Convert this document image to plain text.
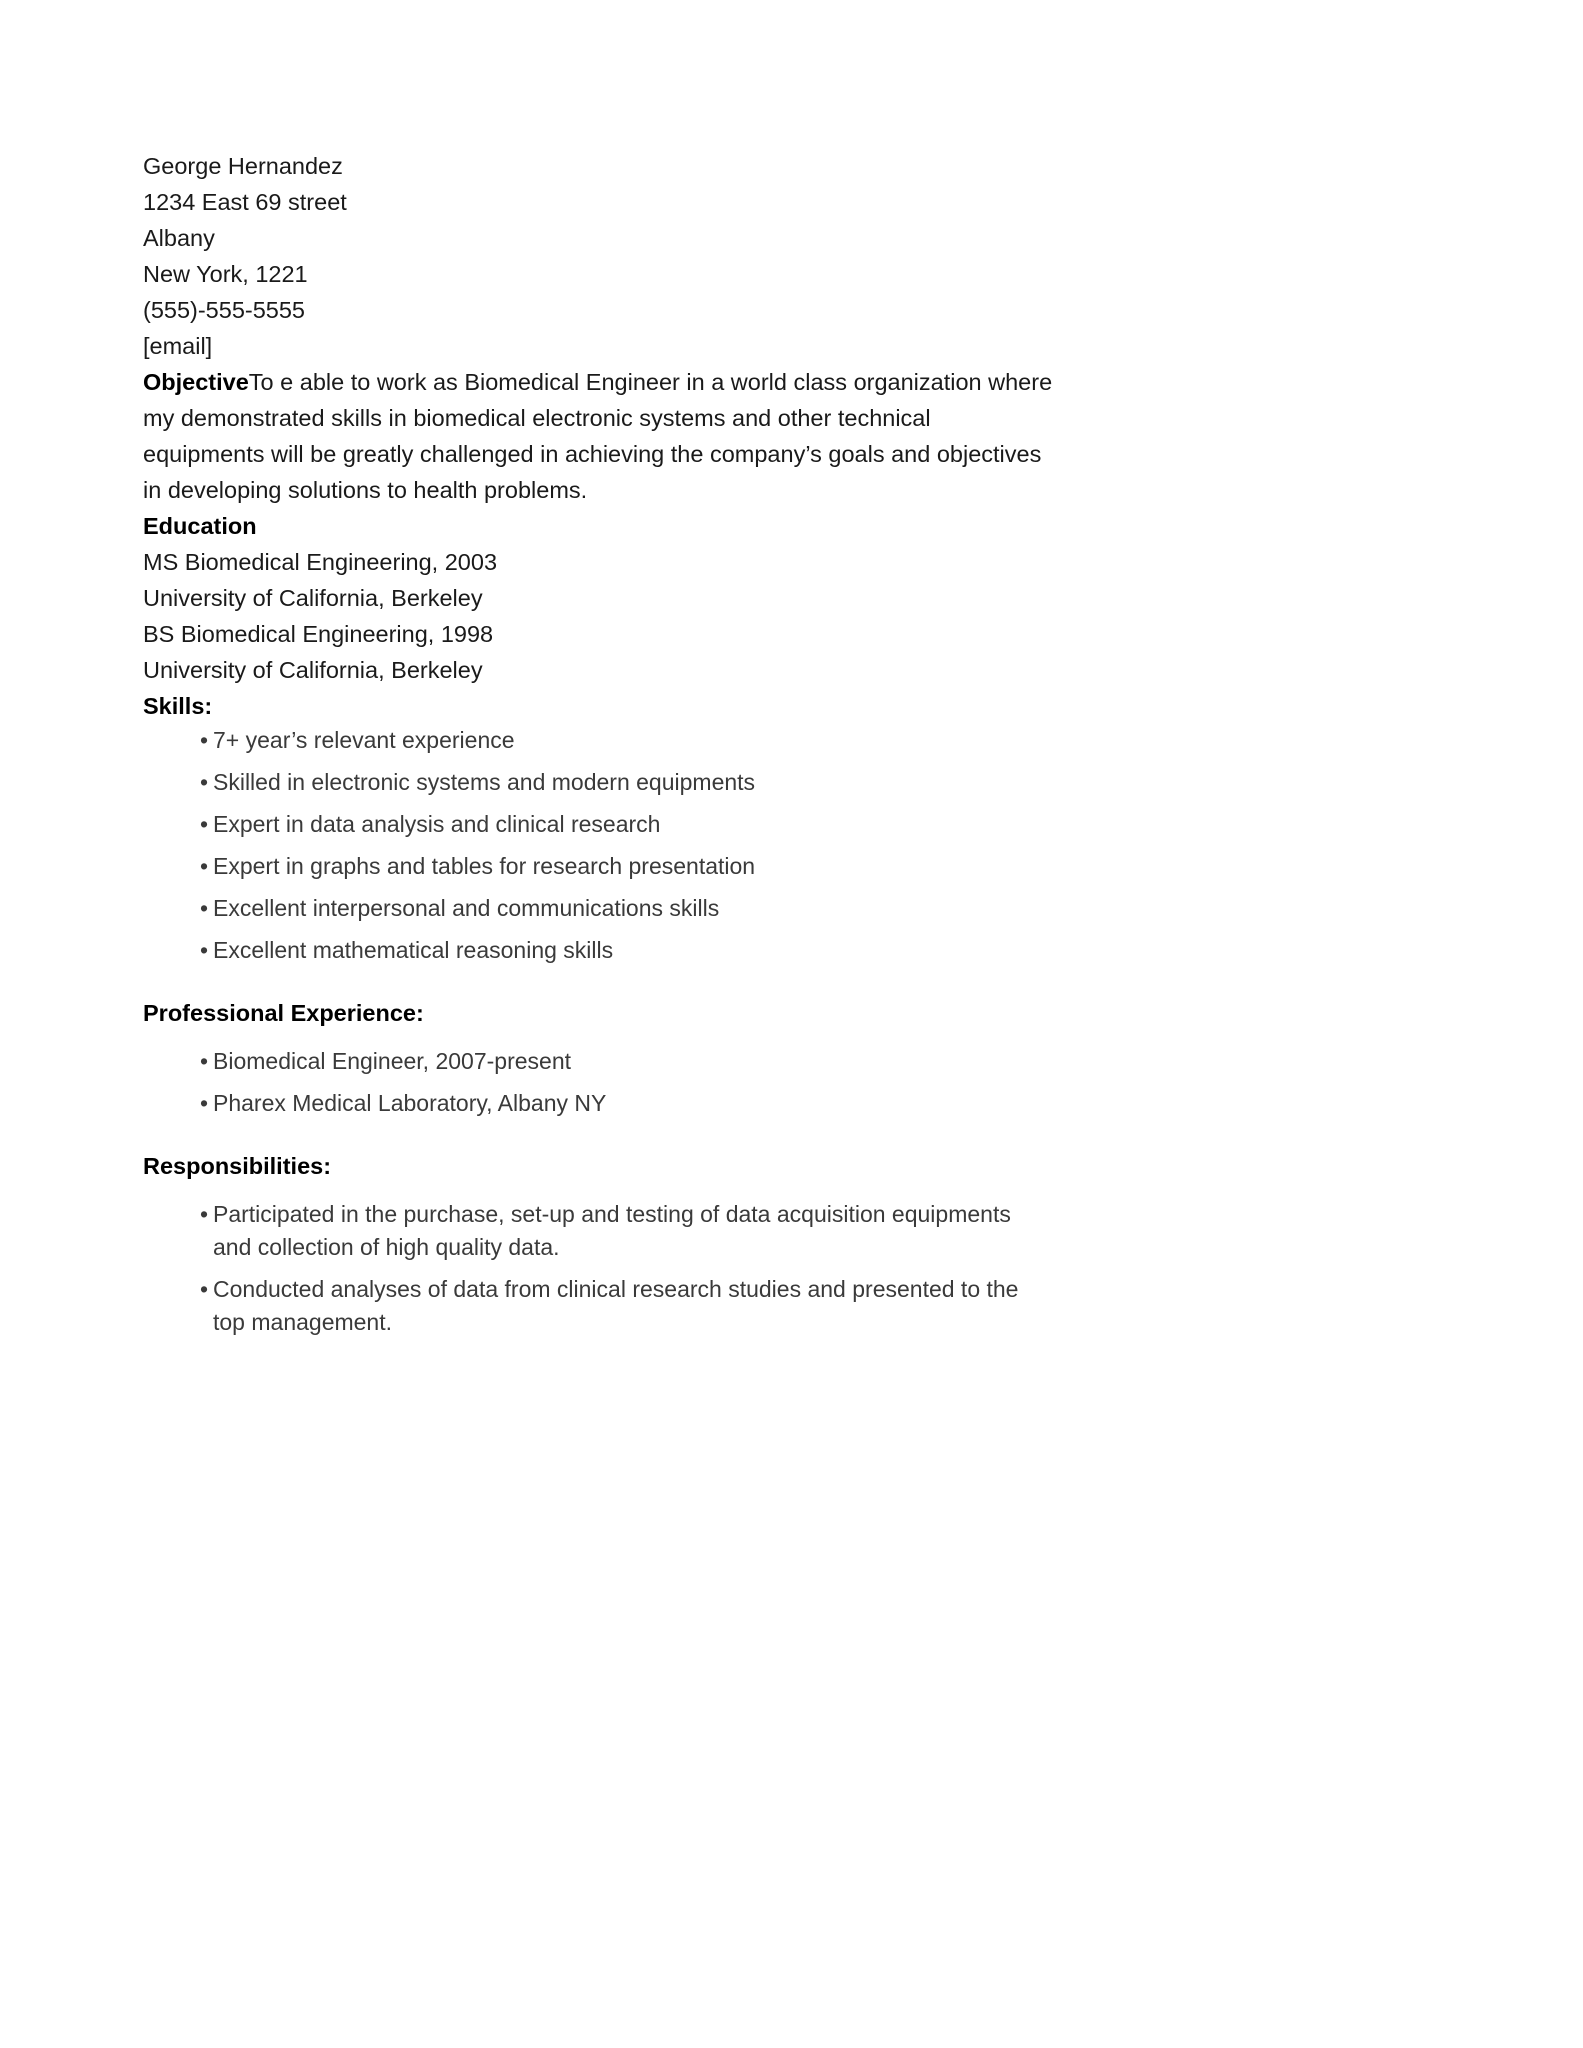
George Hernandez
1234 East 69 street
Albany
New York, 1221
(555)-555-5555
[email]

ObjectiveTo e able to work as Biomedical Engineer in a world class organization where my demonstrated skills in biomedical electronic systems and other technical equipments will be greatly challenged in achieving the company’s goals and objectives in developing solutions to health problems.

Education
MS Biomedical Engineering, 2003
University of California, Berkeley
BS Biomedical Engineering, 1998
University of California, Berkeley
Skills:
• 7+ year’s relevant experience
• Skilled in electronic systems and modern equipments
• Expert in data analysis and clinical research
• Expert in graphs and tables for research presentation
• Excellent interpersonal and communications skills
• Excellent mathematical reasoning skills
Professional Experience:
• Biomedical Engineer, 2007-present
• Pharex Medical Laboratory, Albany NY
Responsibilities:
• Participated in the purchase, set-up and testing of data acquisition equipments and collection of high quality data.
• Conducted analyses of data from clinical research studies and presented to the top management.
